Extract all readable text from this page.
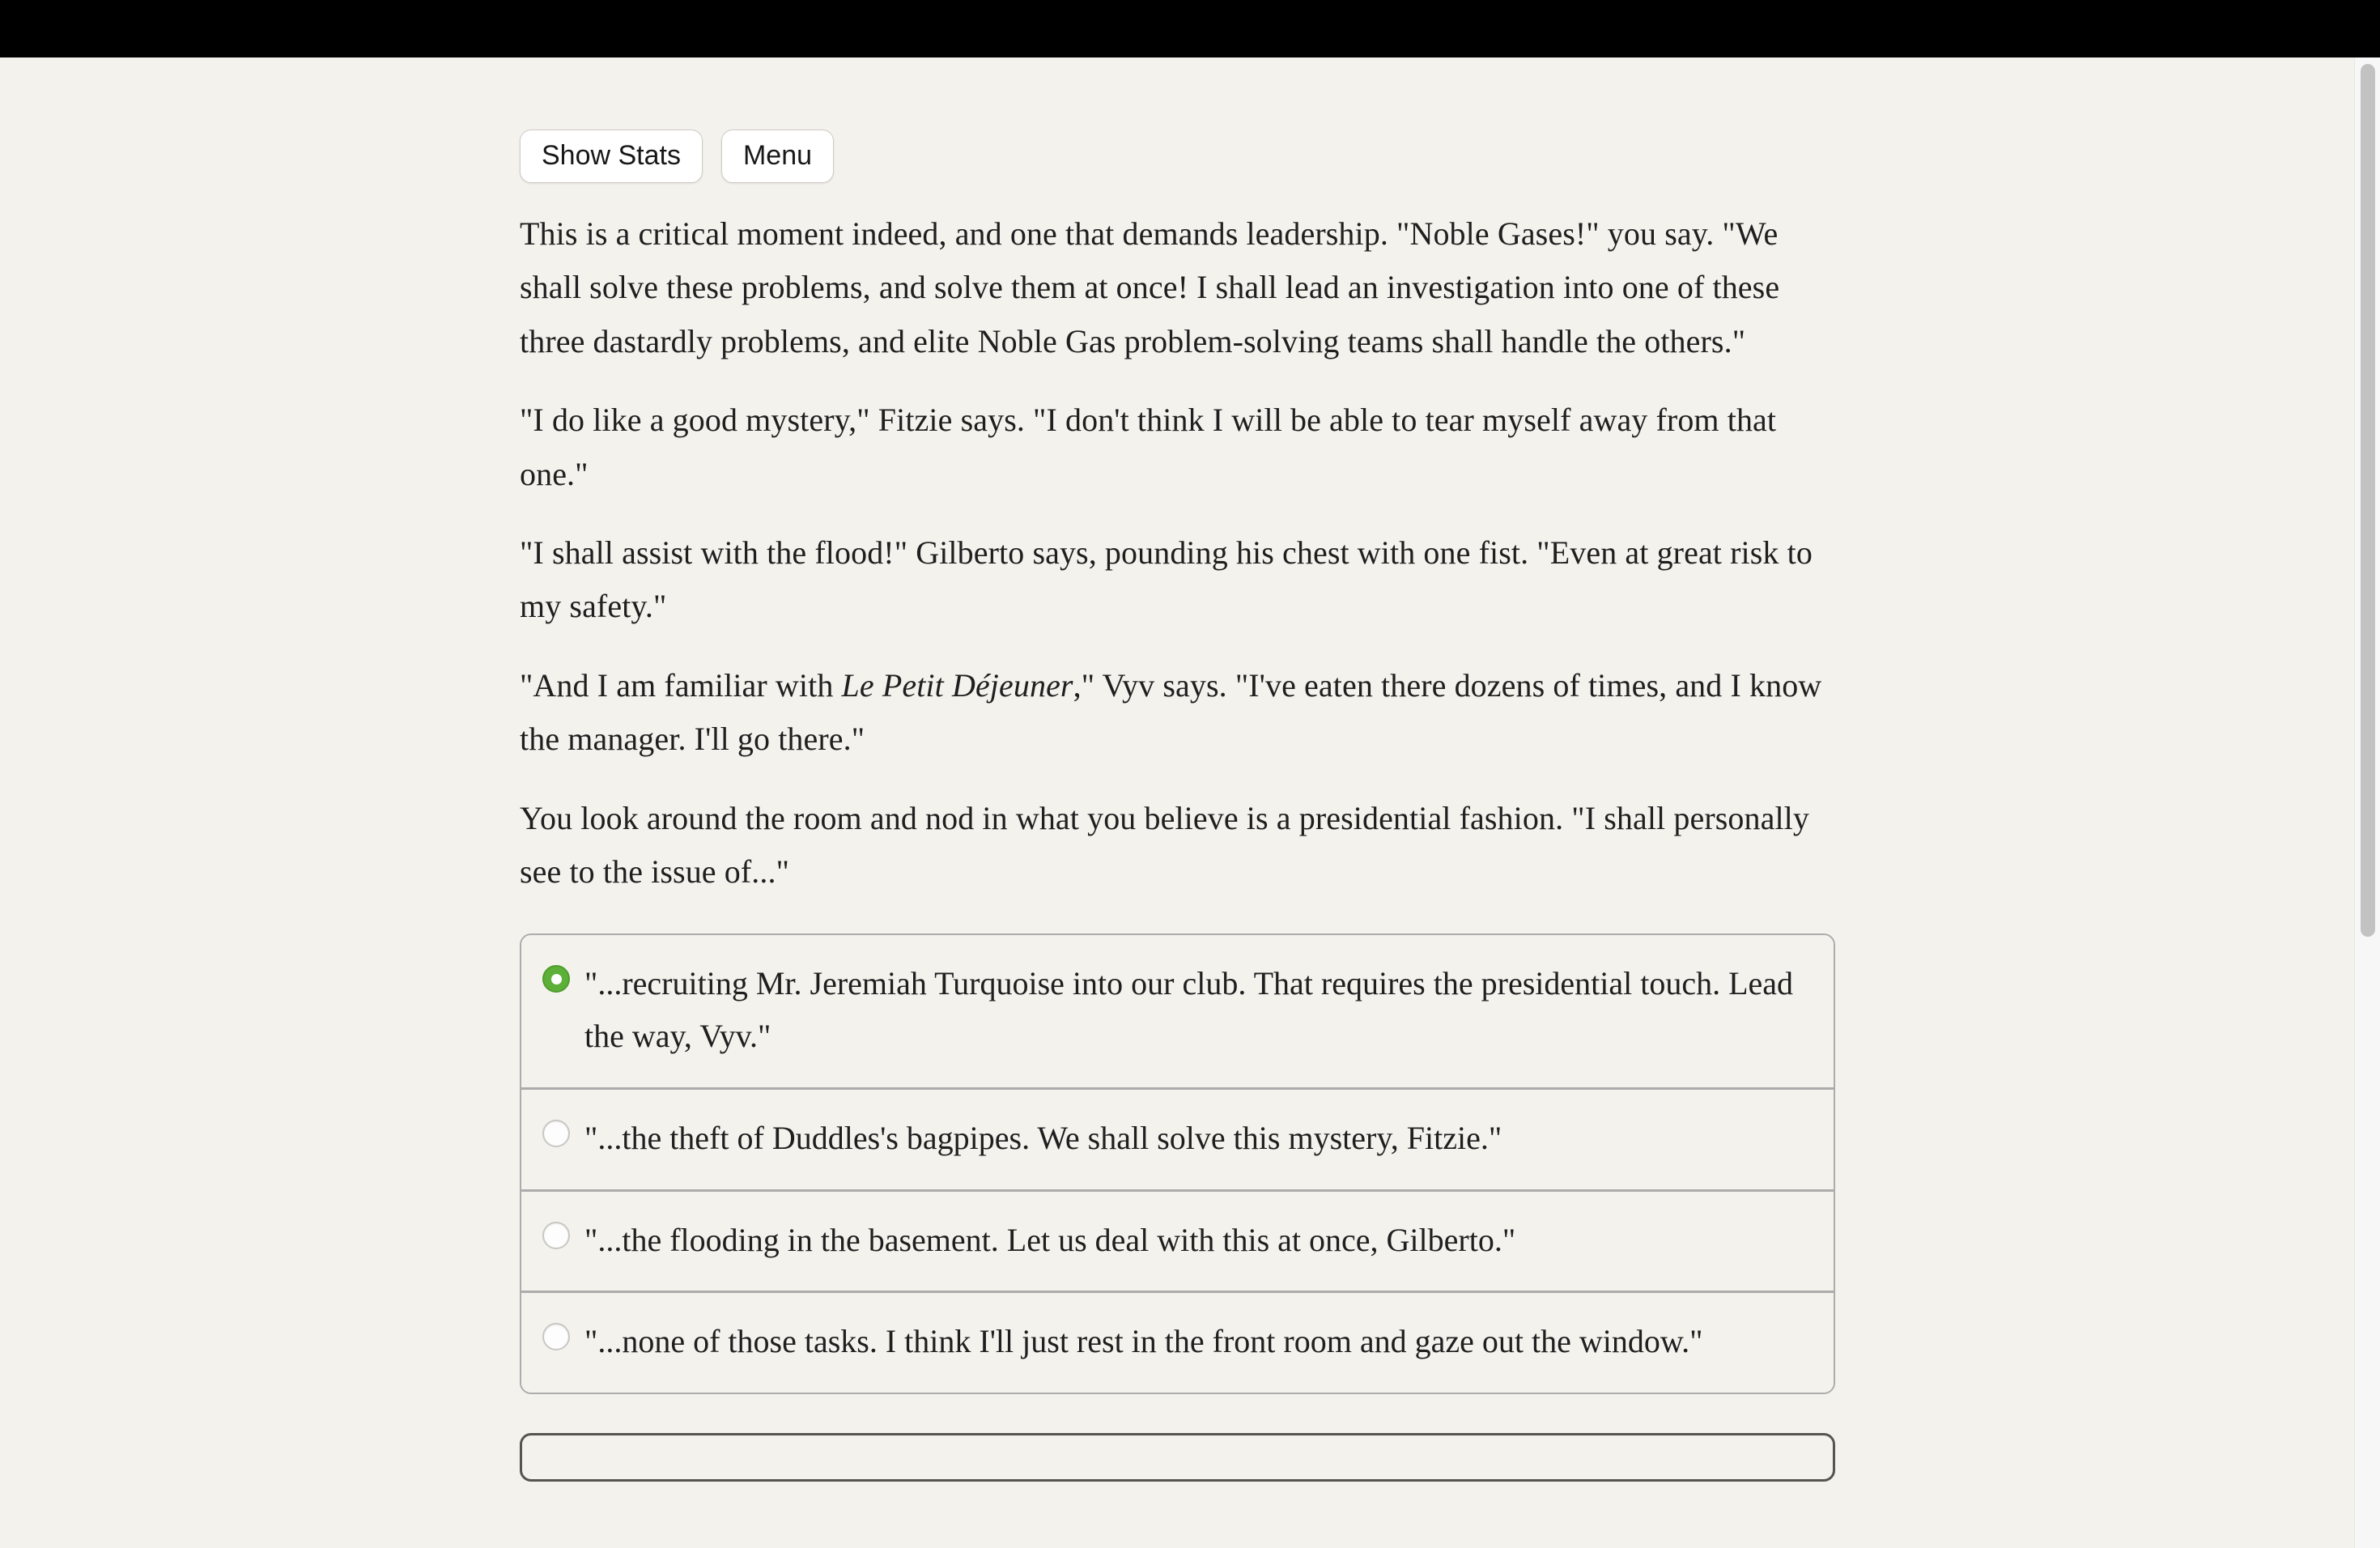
Show Stats	Menu

This is a critical moment indeed, and one that demands leadership. "Noble Gases!" you say. "We shall solve these problems, and solve them at once! I shall lead an investigation into one of these three dastardly problems, and elite Noble Gas problem-solving teams shall handle the others."

"I do like a good mystery," Fitzie says. "I don't think I will be able to tear myself away from that one."

"I shall assist with the flood!" Gilberto says, pounding his chest with one fist. "Even at great risk to my safety."

"And I am familiar with Le Petit Déjeuner," Vyv says. "I've eaten there dozens of times, and I know the manager. I'll go there."

You look around the room and nod in what you believe is a presidential fashion. "I shall personally see to the issue of..."

"...recruiting Mr. Jeremiah Turquoise into our club. That requires the presidential touch. Lead the way, Vyv."
"...the theft of Duddles's bagpipes. We shall solve this mystery, Fitzie."
"...the flooding in the basement. Let us deal with this at once, Gilberto."
"...none of those tasks. I think I'll just rest in the front room and gaze out the window."
